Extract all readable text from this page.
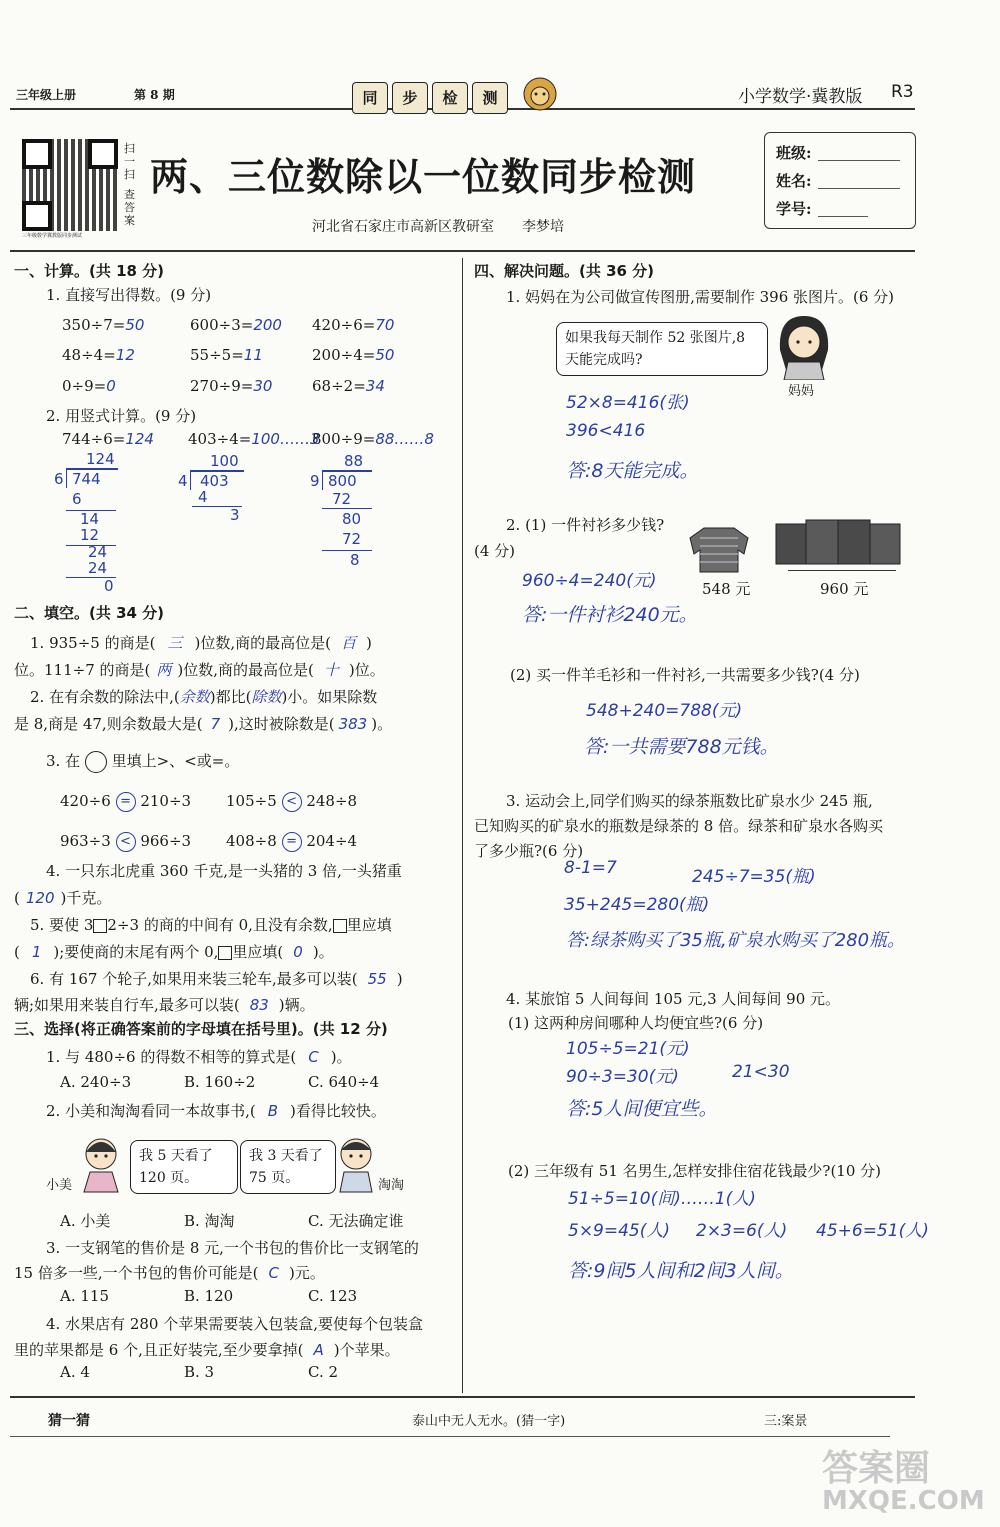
三年级上册	第 8 期	同	步	检	测	小学数学·冀教版 R3
扫一扫
查答案
三年级数学冀教版同步测试
两、三位数除以一位数同步检测
河北省石家庄市高新区教研室　　李梦培
班级:
姓名:
学号:
一、计算。(共 18 分)
1. 直接写出得数。(9 分)
350÷7=50	600÷3=200 420÷6=70
48÷4=12	55÷5=11	200÷4=50
0÷9=0	270÷9=30	68÷2=34
2. 用竖式计算。(9 分)
744÷6=124 403÷4=100……3
800÷9=88……8
124
6 744
6
14
12
24
24
0
100
4 403
4
3
88
9 800
72
80
72
8
二、填空。(共 34 分)
1. 935÷5 的商是( 三 )位数,商的最高位是( 百 )
位。111÷7 的商是( 两 )位数,商的最高位是( 十 )位。
2. 在有余数的除法中,(余数)都比(除数)小。如果除数
是 8,商是 47,则余数最大是( 7 ),这时被除数是( 383 )。
3. 在 里填上>、<或=。
420÷6 = 210÷3 105÷5 < 248÷8
963÷3 < 966÷3 408÷8 = 204÷4
4. 一只东北虎重 360 千克,是一头猪的 3 倍,一头猪重
( 120 )千克。
5. 要使 3 2÷3 的商的中间有 0,且没有余数, 里应填
( 1 );要使商的末尾有两个 0, 里应填( 0 )。
6. 有 167 个轮子,如果用来装三轮车,最多可以装( 55 )
辆;如果用来装自行车,最多可以装( 83 )辆。
三、选择(将正确答案前的字母填在括号里)。(共 12 分)
1. 与 480÷6 的得数不相等的算式是( C )。
A. 240÷3	B. 160÷2	C. 640÷4
2. 小美和淘淘看同一本故事书,( B )看得比较快。
小美
我 5 天看了 120 页。
我 3 天看了 75 页。	淘淘
A. 小美	B. 淘淘	C. 无法确定谁
3. 一支钢笔的售价是 8 元,一个书包的售价比一支钢笔的
15 倍多一些,一个书包的售价可能是( C )元。
A. 115	B. 120	C. 123
4. 水果店有 280 个苹果需要装入包装盒,要使每个包装盒
里的苹果都是 6 个,且正好装完,至少要拿掉( A )个苹果。
A. 4	B. 3	C. 2
四、解决问题。(共 36 分)
1. 妈妈在为公司做宣传图册,需要制作 396 张图片。(6 分)
如果我每天制作 52 张图片,8 天能完成吗?
妈妈
52×8=416(张)
396<416
答:8天能完成。
2. (1) 一件衬衫多少钱?
(4 分)
548 元	960 元
960÷4=240(元)
答:一件衬衫240元。
(2) 买一件羊毛衫和一件衬衫,一共需要多少钱?(4 分)
548+240=788(元)
答:一共需要788元钱。
3. 运动会上,同学们购买的绿茶瓶数比矿泉水少 245 瓶,
已知购买的矿泉水的瓶数是绿茶的 8 倍。绿茶和矿泉水各购买
了多少瓶?(6 分)
8-1=7	245÷7=35(瓶)
35+245=280(瓶)
答:绿茶购买了35瓶,矿泉水购买了280瓶。
4. 某旅馆 5 人间每间 105 元,3 人间每间 90 元。
(1) 这两种房间哪种人均便宜些?(6 分)
105÷5=21(元)
90÷3=30(元)	21<30
答:5人间便宜些。
(2) 三年级有 51 名男生,怎样安排住宿花钱最少?(10 分)
51÷5=10(间)……1(人)
5×9=45(人) 2×3=6(人) 45+6=51(人)
答:9间5人间和2间3人间。
猜一猜	泰山中无人无水。(猜一字)	三:案景
答案圈
MXQE.COM
